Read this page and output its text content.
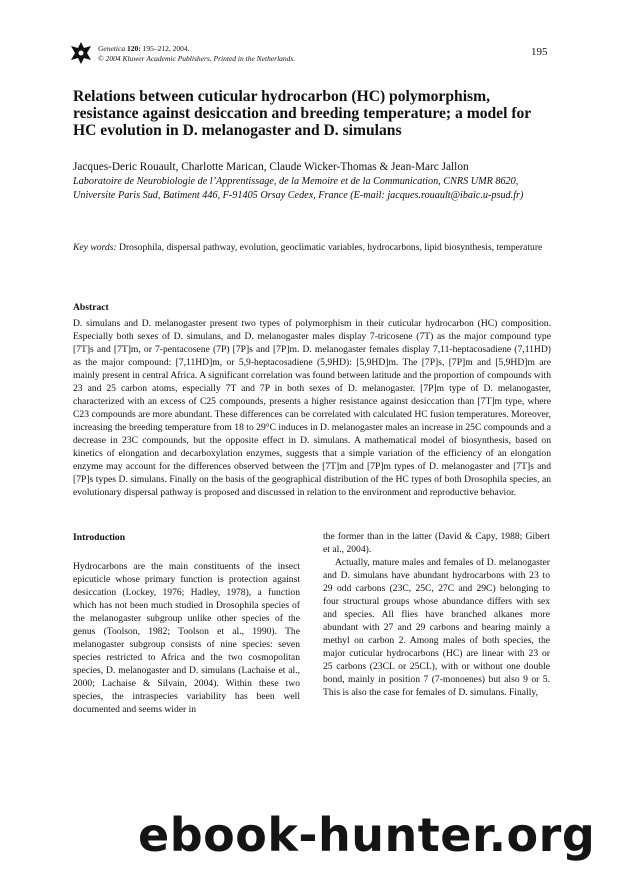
Genetica 120: 195–212, 2004.
© 2004 Kluwer Academic Publishers. Printed in the Netherlands.
195
Relations between cuticular hydrocarbon (HC) polymorphism, resistance against desiccation and breeding temperature; a model for HC evolution in D. melanogaster and D. simulans
Jacques-Deric Rouault, Charlotte Marican, Claude Wicker-Thomas & Jean-Marc Jallon
Laboratoire de Neurobiologie de l’Apprentissage, de la Memoire et de la Communication, CNRS UMR 8620, Universite Paris Sud, Batiment 446, F-91405 Orsay Cedex, France (E-mail: jacques.rouault@ibaic.u-psud.fr)
Key words: Drosophila, dispersal pathway, evolution, geoclimatic variables, hydrocarbons, lipid biosynthesis, temperature
Abstract
D. simulans and D. melanogaster present two types of polymorphism in their cuticular hydrocarbon (HC) composition. Especially both sexes of D. simulans, and D. melanogaster males display 7-tricosene (7T) as the major compound type [7T]s and [7T]m, or 7-pentacosene (7P) [7P]s and [7P]m. D. melanogaster females display 7,11-heptacosadiene (7,11HD) as the major compound: [7,11HD]m, or 5,9-heptacosadiene (5,9HD): [5,9HD]m. The [7P]s, [7P]m and [5,9HD]m are mainly present in central Africa. A significant correlation was found between latitude and the proportion of compounds with 23 and 25 carbon atoms, especially 7T and 7P in both sexes of D. melanogaster. [7P]m type of D. melanogaster, characterized with an excess of C25 compounds, presents a higher resistance against desiccation than [7T]m type, where C23 compounds are more abundant. These differences can be correlated with calculated HC fusion temperatures. Moreover, increasing the breeding temperature from 18 to 29°C induces in D. melanogaster males an increase in 25C compounds and a decrease in 23C compounds, but the opposite effect in D. simulans. A mathematical model of biosynthesis, based on kinetics of elongation and decarboxylation enzymes, suggests that a simple variation of the efficiency of an elongation enzyme may account for the differences observed between the [7T]m and [7P]m types of D. melanogaster and [7T]s and [7P]s types D. simulans. Finally on the basis of the geographical distribution of the HC types of both Drosophila species, an evolutionary dispersal pathway is proposed and discussed in relation to the environment and reproductive behavior.
Introduction
Hydrocarbons are the main constituents of the insect epicuticle whose primary function is protection against desiccation (Lockey, 1976; Hadley, 1978), a function which has not been much studied in Drosophila species of the melanogaster subgroup unlike other species of the genus (Toolson, 1982; Toolson et al., 1990). The melanogaster subgroup consists of nine species: seven species restricted to Africa and the two cosmopolitan species, D. melanogaster and D. simulans (Lachaise et al., 2000; Lachaise & Silvain, 2004). Within these two species, the intraspecies variability has been well documented and seems wider in

the former than in the latter (David & Capy, 1988; Gibert et al., 2004).

Actually, mature males and females of D. melanogaster and D. simulans have abundant hydrocarbons with 23 to 29 odd carbons (23C, 25C, 27C and 29C) belonging to four structural groups whose abundance differs with sex and species. All flies have branched alkanes more abundant with 27 and 29 carbons and bearing mainly a methyl on carbon 2. Among males of both species, the major cuticular hydrocarbons (HC) are linear with 23 or 25 carbons (23CL or 25CL), with or without one double bond, mainly in position 7 (7-monoenes) but also 9 or 5. This is also the case for females of D. simulans. Finally,

ebook-hunter.org
